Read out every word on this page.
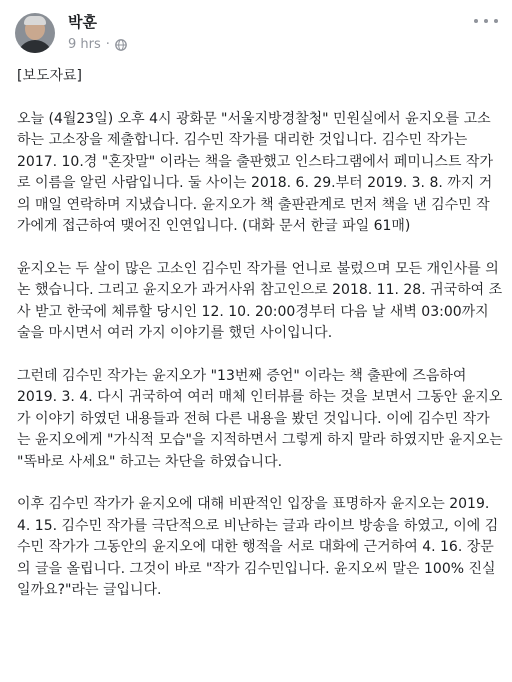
박훈
9 hrs ·

[보도자료]

오늘 (4월23일) 오후 4시 광화문 "서울지방경찰청" 민원실에서 윤지오를 고소하는 고소장을 제출합니다. 김수민 작가를 대리한 것입니다. 김수민 작가는 2017. 10.경 "혼잣말" 이라는 책을 출판했고 인스타그램에서 페미니스트 작가로 이름을 알린 사람입니다. 둘 사이는 2018. 6. 29.부터 2019. 3. 8. 까지 거의 매일 연락하며 지냈습니다. 윤지오가 책 출판관계로 먼저 책을 낸 김수민 작가에게 접근하여 맺어진 인연입니다. (대화 문서 한글 파일 61매)

윤지오는 두 살이 많은 고소인 김수민 작가를 언니로 불렀으며 모든 개인사를 의논 했습니다. 그리고 윤지오가 과거사위 참고인으로 2018. 11. 28. 귀국하여 조사 받고 한국에 체류할 당시인 12. 10. 20:00경부터 다음 날 새벽 03:00까지 술을 마시면서 여러 가지 이야기를 했던 사이입니다.

그런데 김수민 작가는 윤지오가 "13번째 증언" 이라는 책 출판에 즈음하여 2019. 3. 4. 다시 귀국하여 여러 매체 인터뷰를 하는 것을 보면서 그동안 윤지오가 이야기 하였던 내용들과 전혀 다른 내용을 봤던 것입니다. 이에 김수민 작가는 윤지오에게 "가식적 모습"을 지적하면서 그렇게 하지 말라 하였지만 윤지오는 "똑바로 사세요" 하고는 차단을 하였습니다.

이후 김수민 작가가 윤지오에 대해 비판적인 입장을 표명하자 윤지오는 2019. 4. 15. 김수민 작가를 극단적으로 비난하는 글과 라이브 방송을 하였고, 이에 김수민 작가가 그동안의 윤지오에 대한 행적을 서로 대화에 근거하여 4. 16. 장문의 글을 올립니다. 그것이 바로 "작가 김수민입니다. 윤지오씨 말은 100% 진실일까요?"라는 글입니다.
